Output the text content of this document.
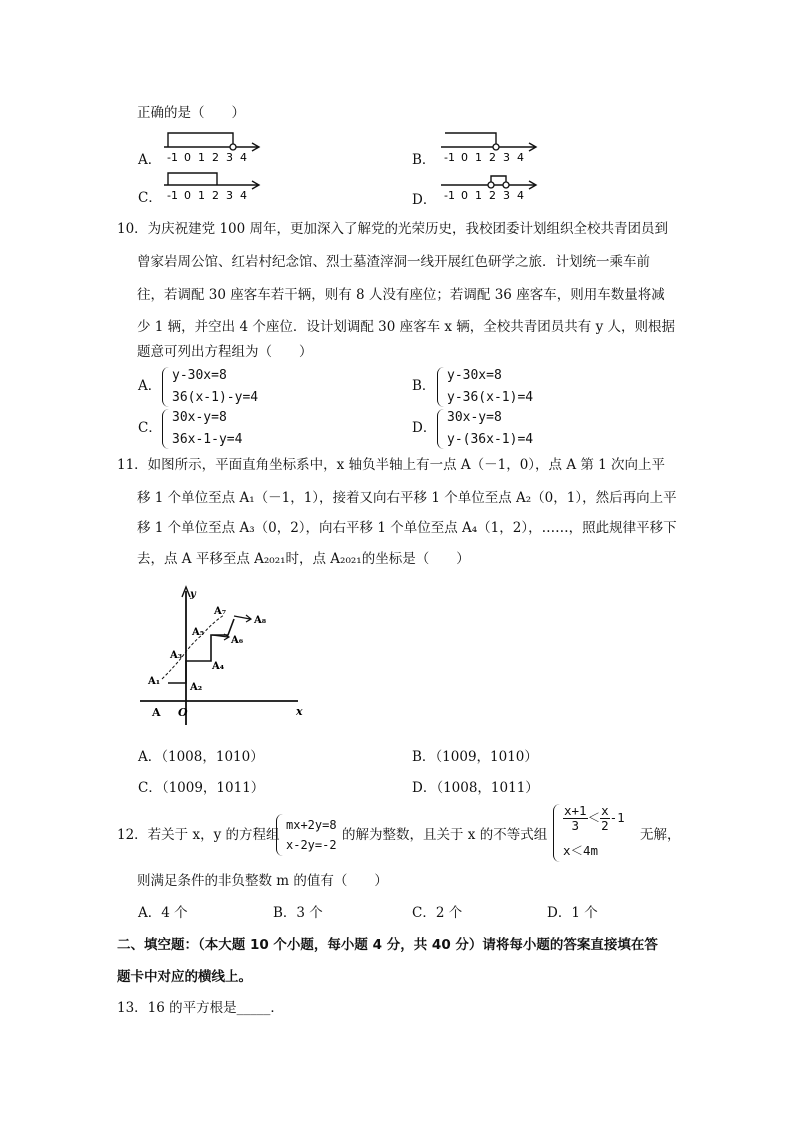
正确的是（　　）
A． -1 0 1 2 3 4	B． -1 0 1 2 3 4
C． -1 0 1 2 3 4	D． -1 0 1 2 3 4
10．为庆祝建党 100 周年，更加深入了解党的光荣历史，我校团委计划组织全校共青团员到
曾家岩周公馆、红岩村纪念馆、烈士墓渣滓洞一线开展红色研学之旅．计划统一乘车前
往，若调配 30 座客车若干辆，则有 8 人没有座位；若调配 36 座客车，则用车数量将减
少 1 辆，并空出 4 个座位．设计划调配 30 座客车 x 辆，全校共青团员共有 y 人，则根据
题意可列出方程组为（　　）
A．
y-30x=8
36(x-1)-y=4
B．
y-30x=8
y-36(x-1)=4
C．
30x-y=8
36x-1-y=4
D．
30x-y=8
y-(36x-1)=4
11．如图所示，平面直角坐标系中，x 轴负半轴上有一点 A（－1，0），点 A 第 1 次向上平
移 1 个单位至点 A₁（－1，1），接着又向右平移 1 个单位至点 A₂（0，1），然后再向上平
移 1 个单位至点 A₃（0，2），向右平移 1 个单位至点 A₄（1，2），……，照此规律平移下
去，点 A 平移至点 A₂₀₂₁时，点 A₂₀₂₁的坐标是（　　）
y
x
O
A
A₁
A₂
A₃
A₄
A₅
A₆
A₇
A₈
A．（1008，1010）	B．（1009，1010）
C．（1009，1011）	D．（1008，1011）
12．若关于 x，y 的方程组
mx+2y=8
x-2y=-2
的解为整数，且关于 x 的不等式组
$\frac{x+1}{3} < \frac{x}{2} -1$
x＜4m
无解，
则满足条件的非负整数 m 的值有（　　）
A．4 个	B．3 个	C．2 个	D．1 个
二、填空题：（本大题 10 个小题，每小题 4 分，共 40 分）请将每小题的答案直接填在答
题卡中对应的横线上。
13．16 的平方根是_____．
